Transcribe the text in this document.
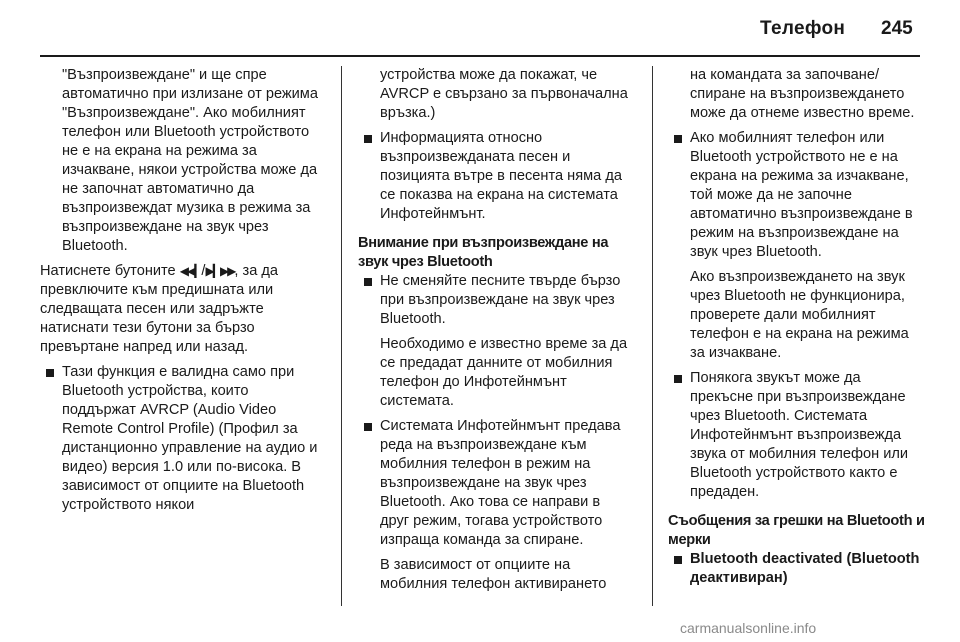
Телефон 245
"Възпроизвеждане" и ще спре автоматично при излизане от режима "Възпроизвеждане". Ако мобилният телефон или Bluetooth устройството не е на екрана на режима за изчакване, някои устройства може да не започнат автоматично да възпроизвеждат музика в режима за възпроизвеждане на звук чрез Bluetooth.
Натиснете бутоните ◀◀▎/▶▎▶▶, за да превключите към предишната или следващата песен или задръжте натиснати тези бутони за бързо превъртане напред или назад.
Тази функция е валидна само при Bluetooth устройства, които поддържат AVRCP (Audio Video Remote Control Profile) (Профил за дистанционно управление на аудио и видео) версия 1.0 или по-висока. В зависимост от опциите на Bluetooth устройството някои
устройства може да покажат, че AVRCP е свързано за първоначална връзка.)
Информацията относно възпроизвежданата песен и позицията вътре в песента няма да се показва на екрана на системата Инфотейнмънт.
Внимание при възпроизвеждане на звук чрез Bluetooth
Не сменяйте песните твърде бързо при възпроизвеждане на звук чрез Bluetooth.
Необходимо е известно време за да се предадат данните от мобилния телефон до Инфотейнмънт системата.
Системата Инфотейнмънт предава реда на възпроизвеждане към мобилния телефон в режим на възпроизвеждане на звук чрез Bluetooth. Ако това се направи в друг режим, тогава устройството изпраща команда за спиране.
В зависимост от опциите на мобилния телефон активирането
на командата за започване/ спиране на възпроизвеждането може да отнеме известно време.
Ако мобилният телефон или Bluetooth устройството не е на екрана на режима за изчакване, той може да не започне автоматично възпроизвеждане в режим на възпроизвеждане на звук чрез Bluetooth.
Ако възпроизвеждането на звук чрез Bluetooth не функционира, проверете дали мобилният телефон е на екрана на режима за изчакване.
Понякога звукът може да прекъсне при възпроизвеждане чрез Bluetooth. Системата Инфотейнмънт възпроизвежда звука от мобилния телефон или Bluetooth устройството както е предаден.
Съобщения за грешки на Bluetooth и мерки
Bluetooth deactivated (Bluetooth деактивиран)
carmanualsonline.info
